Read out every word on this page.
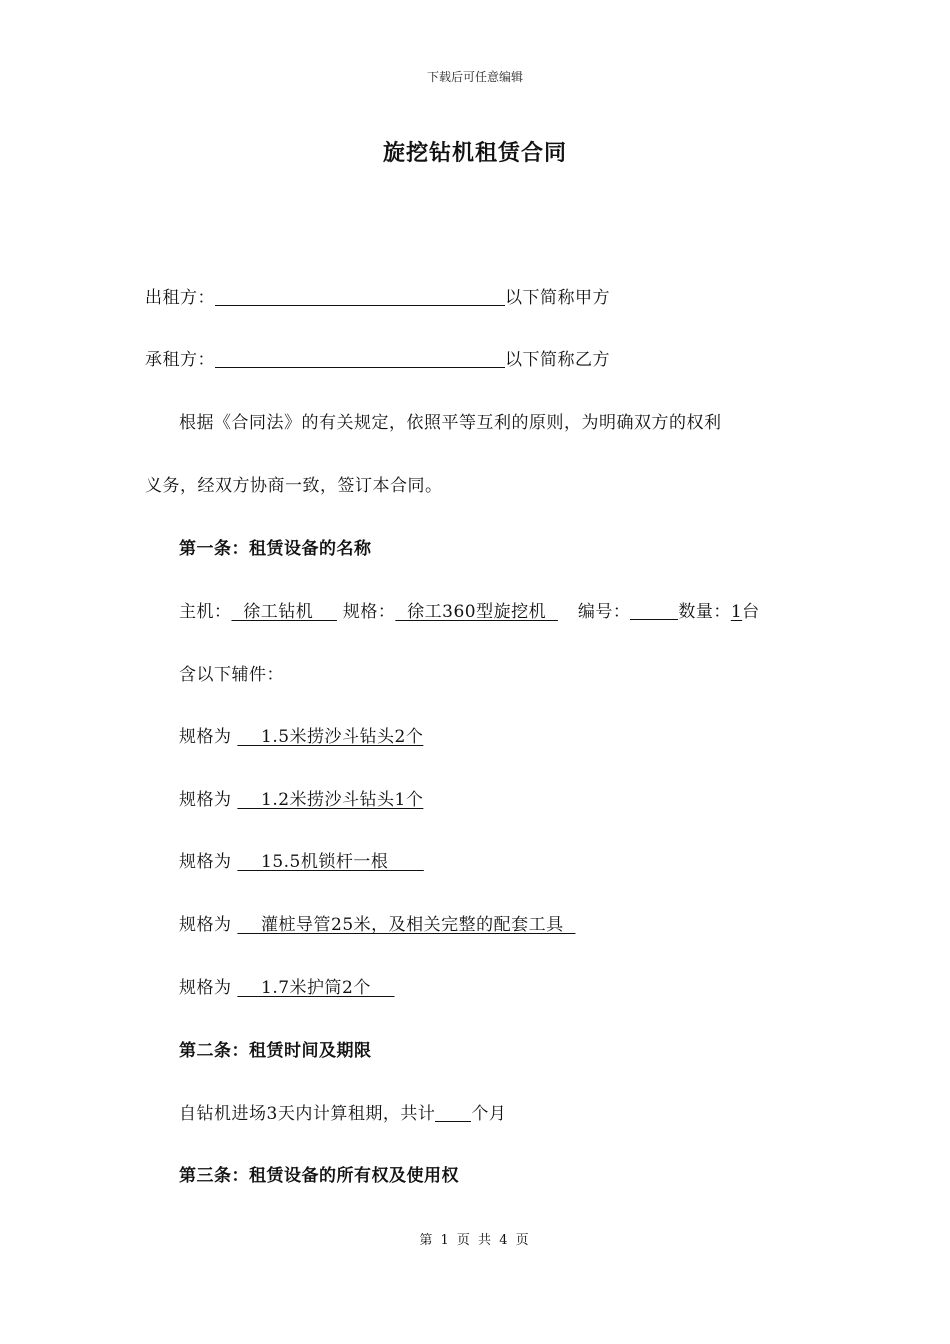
下载后可任意编辑
旋挖钻机租赁合同
出租方：	以下简称甲方
承租方：	以下简称乙方
根据《合同法》的有关规定，依照平等互利的原则，为明确双方的权利
义务，经双方协商一致，签订本合同。
第一条：租赁设备的名称
主机：  徐工钻机     规格：  徐工360型旋挖机   编号：	数量：1台
含以下辅件：
规格为     1.5米捞沙斗钻头2个
规格为     1.2米捞沙斗钻头1个
规格为     15.5机锁杆一根
规格为     灌桩导管25米，及相关完整的配套工具
规格为     1.7米护筒2个
第二条：租赁时间及期限
自钻机进场3天内计算租期，共计 个月
第三条：租赁设备的所有权及使用权
第 1 页 共 4 页
